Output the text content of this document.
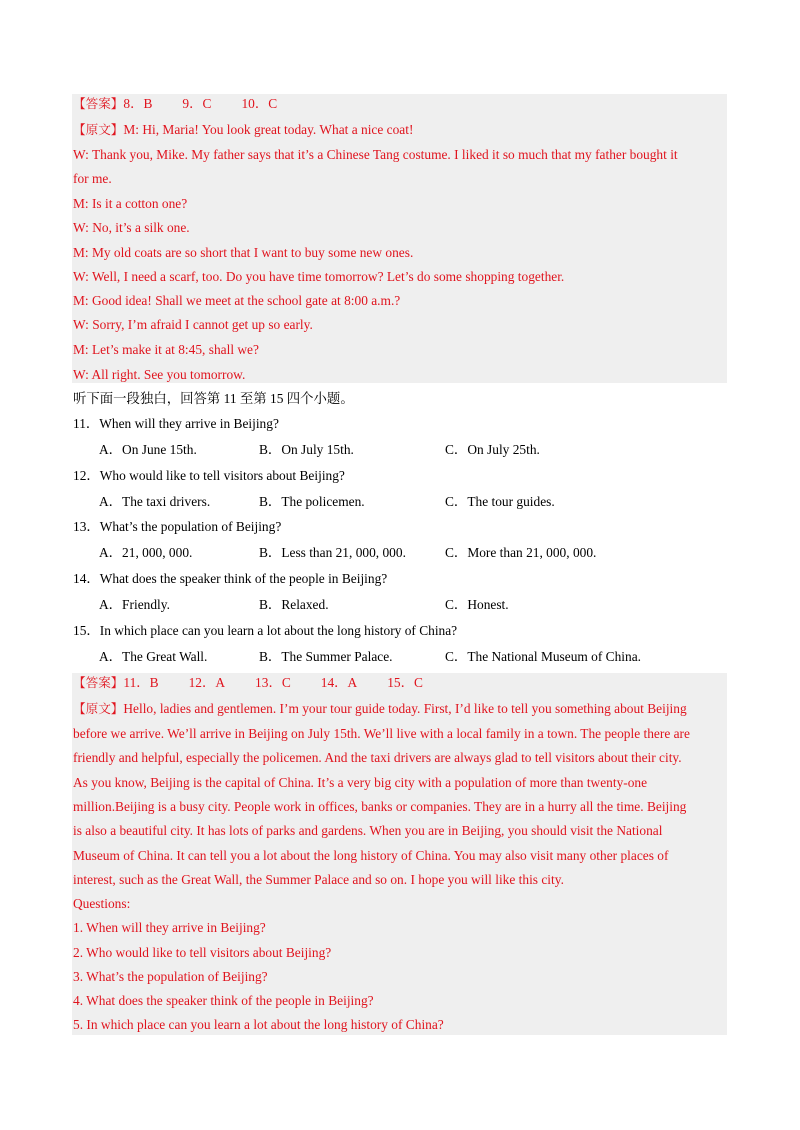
【答案】8．B 9．C 10．C
【原文】M: Hi, Maria! You look great today. What a nice coat!
W: Thank you, Mike. My father says that it’s a Chinese Tang costume. I liked it so much that my father bought it
for me.
M: Is it a cotton one?
W: No, it’s a silk one.
M: My old coats are so short that I want to buy some new ones.
W: Well, I need a scarf, too. Do you have time tomorrow? Let’s do some shopping together.
M: Good idea! Shall we meet at the school gate at 8:00 a.m.?
W: Sorry, I’m afraid I cannot get up so early.
M: Let’s make it at 8:45, shall we?
W: All right. See you tomorrow.
听下面一段独白，回答第 11 至第 15 四个小题。
11．When will they arrive in Beijing?
A．On June 15th.	B．On July 15th.	C．On July 25th.
12．Who would like to tell visitors about Beijing?
A．The taxi drivers.	B．The policemen.	C．The tour guides.
13．What’s the population of Beijing?
A．21, 000, 000.	B．Less than 21, 000, 000.	C．More than 21, 000, 000.
14．What does the speaker think of the people in Beijing?
A．Friendly.	B．Relaxed.	C．Honest.
15．In which place can you learn a lot about the long history of China?
A．The Great Wall.	B．The Summer Palace.	C．The National Museum of China.
【答案】11．B 12．A 13．C 14．A 15．C
【原文】Hello, ladies and gentlemen. I’m your tour guide today. First, I’d like to tell you something about Beijing
before we arrive. We’ll arrive in Beijing on July 15th. We’ll live with a local family in a town. The people there are
friendly and helpful, especially the policemen. And the taxi drivers are always glad to tell visitors about their city.
As you know, Beijing is the capital of China. It’s a very big city with a population of more than twenty-one
million.Beijing is a busy city. People work in offices, banks or companies. They are in a hurry all the time. Beijing
is also a beautiful city. It has lots of parks and gardens. When you are in Beijing, you should visit the National
Museum of China. It can tell you a lot about the long history of China. You may also visit many other places of
interest, such as the Great Wall, the Summer Palace and so on. I hope you will like this city.
Questions:
1. When will they arrive in Beijing?
2. Who would like to tell visitors about Beijing?
3. What’s the population of Beijing?
4. What does the speaker think of the people in Beijing?
5. In which place can you learn a lot about the long history of China?
